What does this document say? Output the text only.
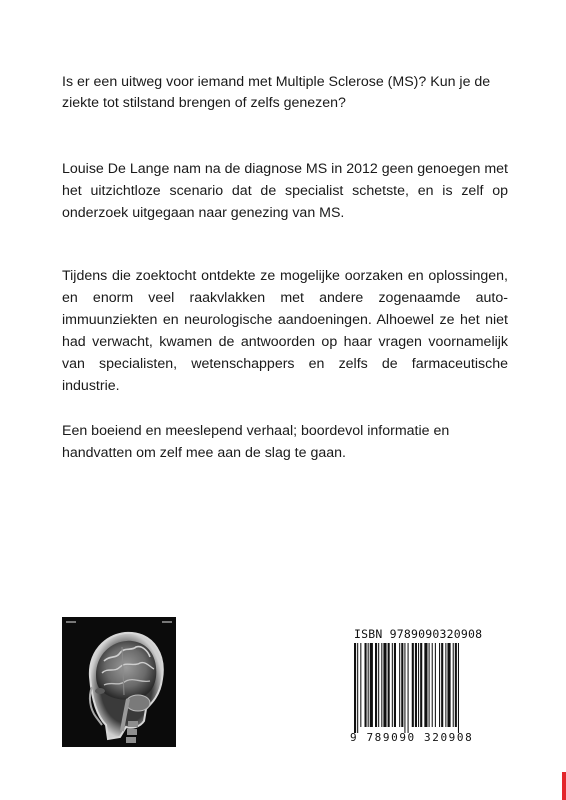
Is er een uitweg voor iemand met Multiple Sclerose (MS)? Kun je de ziekte tot stilstand brengen of zelfs genezen?

Louise De Lange nam na de diagnose MS in 2012 geen genoegen met het uitzichtloze scenario dat de specialist schetste, en is zelf op onderzoek uitgegaan naar genezing van MS.

Tijdens die zoektocht ontdekte ze mogelijke oorzaken en oplossingen, en enorm veel raakvlakken met andere zogenaamde auto-immuunziekten en neurologische aandoeningen. Alhoewel ze het niet had verwacht, kwamen de antwoorden op haar vragen voornamelijk van specialisten, wetenschappers en zelfs de farmaceutische industrie.

Een boeiend en meeslepend verhaal; boordevol informatie en handvatten om zelf mee aan de slag te gaan.

ISBN 9789090320908
9 789090 320908
